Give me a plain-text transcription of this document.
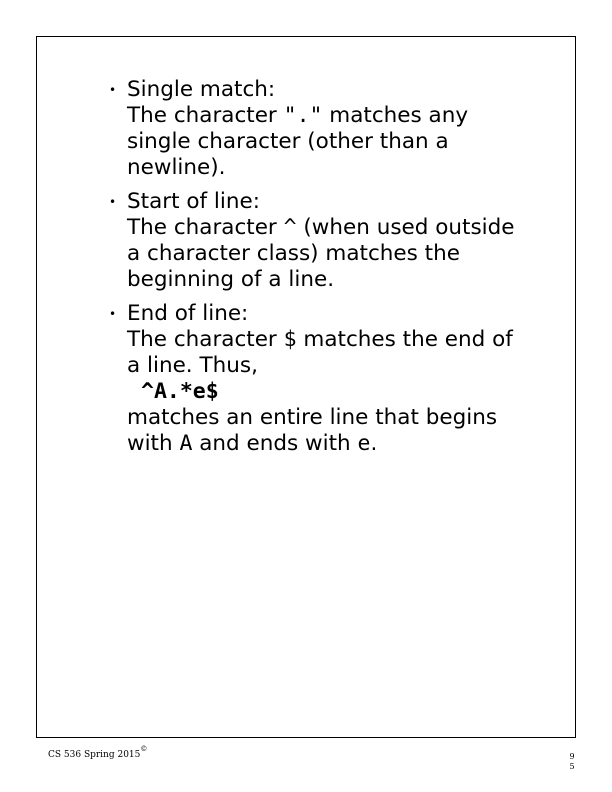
• Single match:
The character "." matches any
single character (other than a
newline).
• Start of line:
The character ^ (when used outside
a character class) matches the
beginning of a line.
• End of line:
The character $ matches the end of
a line. Thus,
^A.*e$
matches an entire line that begins
with A and ends with e.
CS 536 Spring 2015©
9
5
